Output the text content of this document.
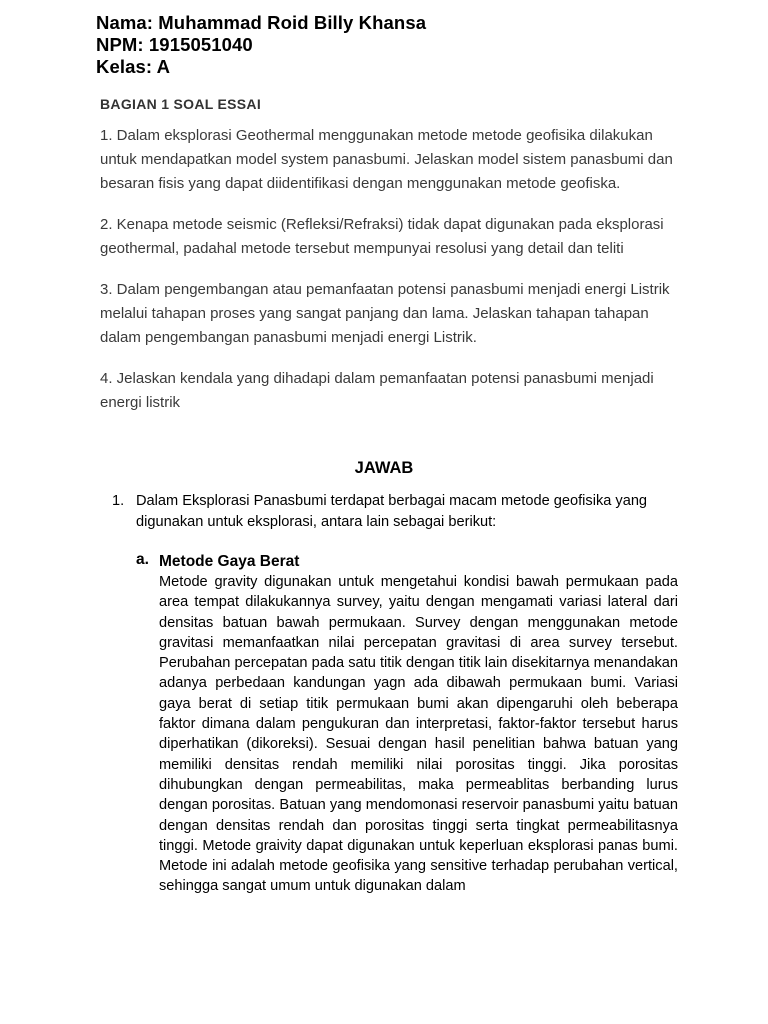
Nama: Muhammad Roid Billy Khansa
NPM: 1915051040
Kelas: A
BAGIAN 1 SOAL ESSAI

1. Dalam eksplorasi Geothermal menggunakan metode metode geofisika dilakukan untuk mendapatkan model system panasbumi. Jelaskan model sistem panasbumi dan besaran fisis yang dapat diidentifikasi dengan menggunakan metode geofiska.

2. Kenapa metode seismic (Refleksi/Refraksi) tidak dapat digunakan pada eksplorasi geothermal, padahal metode tersebut mempunyai resolusi yang detail dan teliti

3. Dalam pengembangan atau pemanfaatan potensi panasbumi menjadi energi Listrik melalui tahapan proses yang sangat panjang dan lama. Jelaskan tahapan tahapan dalam pengembangan panasbumi menjadi energi Listrik.

4. Jelaskan kendala yang dihadapi dalam pemanfaatan potensi panasbumi menjadi energi listrik

JAWAB
1. Dalam Eksplorasi Panasbumi terdapat berbagai macam metode geofisika yang digunakan untuk eksplorasi, antara lain sebagai berikut:
a. Metode Gaya Berat
Metode gravity digunakan untuk mengetahui kondisi bawah permukaan pada area tempat dilakukannya survey, yaitu dengan mengamati variasi lateral dari densitas batuan bawah permukaan. Survey dengan menggunakan metode gravitasi memanfaatkan nilai percepatan gravitasi di area survey tersebut. Perubahan percepatan pada satu titik dengan titik lain disekitarnya menandakan adanya perbedaan kandungan yagn ada dibawah permukaan bumi. Variasi gaya berat di setiap titik permukaan bumi akan dipengaruhi oleh beberapa faktor dimana dalam pengukuran dan interpretasi, faktor-faktor tersebut harus diperhatikan (dikoreksi). Sesuai dengan hasil penelitian bahwa batuan yang memiliki densitas rendah memiliki nilai porositas tinggi. Jika porositas dihubungkan dengan permeabilitas, maka permeablitas berbanding lurus dengan porositas. Batuan yang mendomonasi reservoir panasbumi yaitu batuan dengan densitas rendah dan porositas tinggi serta tingkat permeabilitasnya tinggi. Metode graivity dapat digunakan untuk keperluan eksplorasi panas bumi. Metode ini adalah metode geofisika yang sensitive terhadap perubahan vertical, sehingga sangat umum untuk digunakan dalam
